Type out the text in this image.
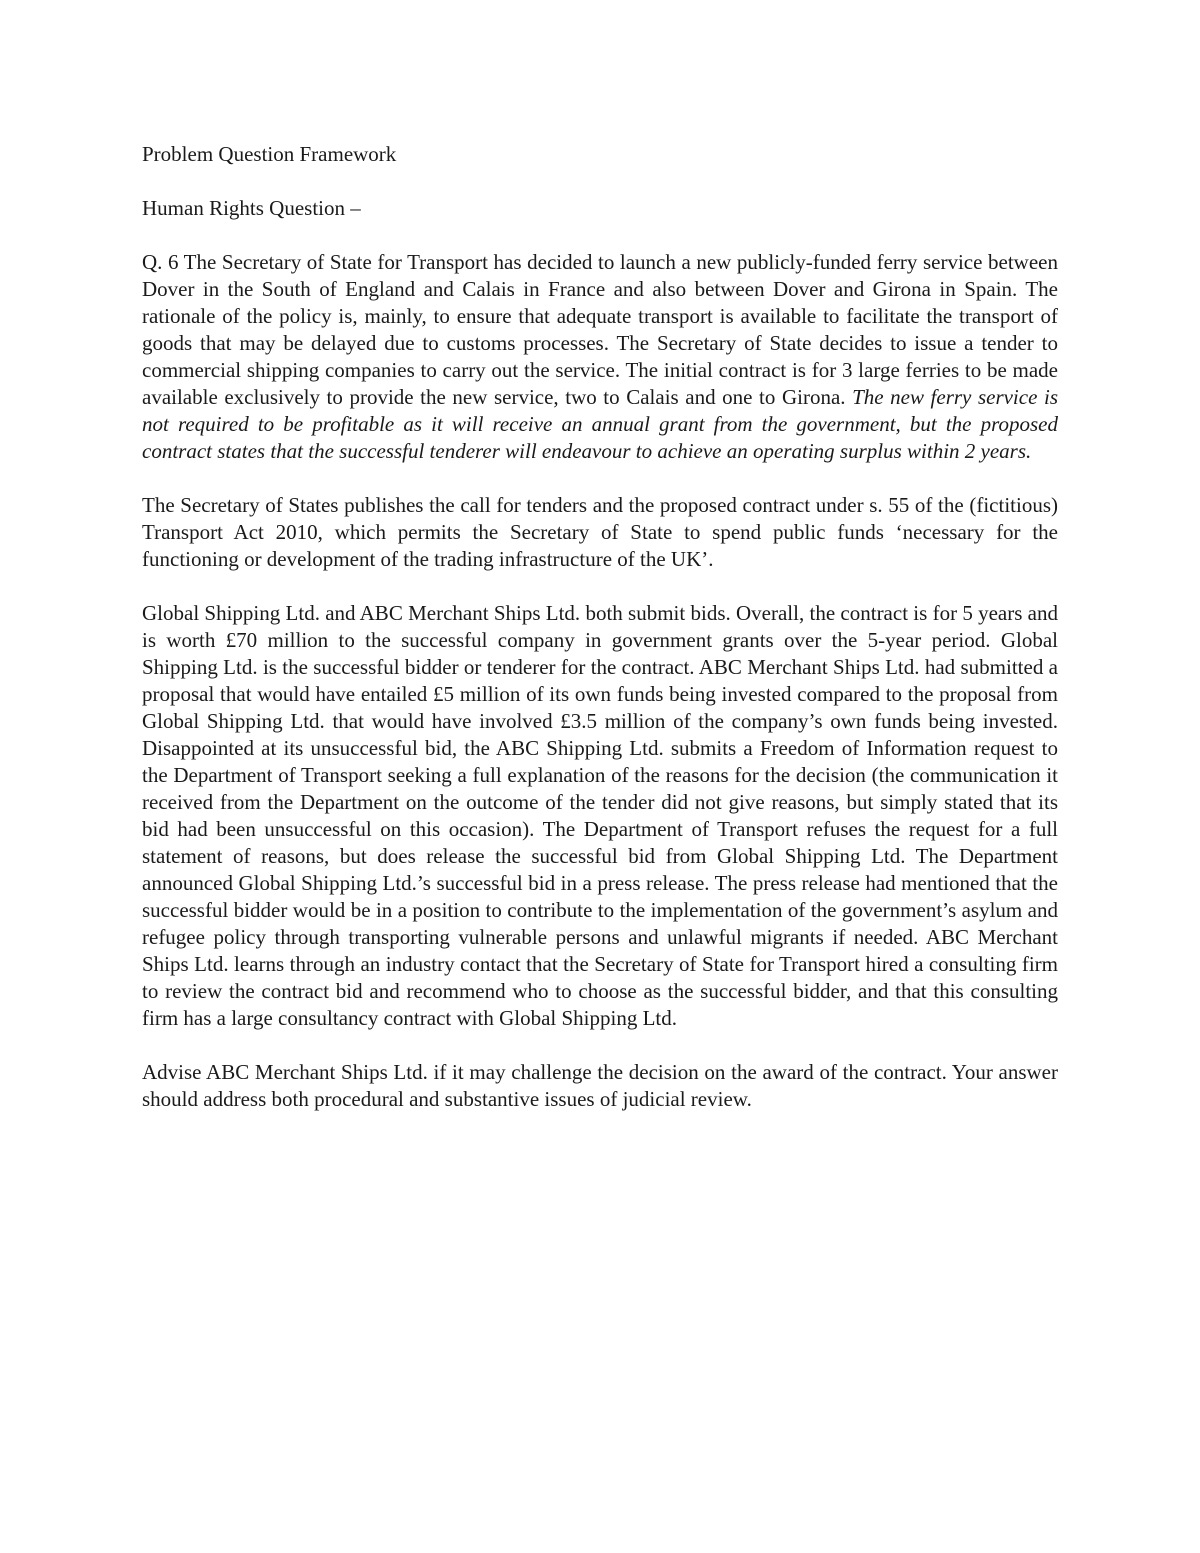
Problem Question Framework

Human Rights Question –

Q. 6 The Secretary of State for Transport has decided to launch a new publicly-funded ferry service between Dover in the South of England and Calais in France and also between Dover and Girona in Spain. The rationale of the policy is, mainly, to ensure that adequate transport is available to facilitate the transport of goods that may be delayed due to customs processes. The Secretary of State decides to issue a tender to commercial shipping companies to carry out the service. The initial contract is for 3 large ferries to be made available exclusively to provide the new service, two to Calais and one to Girona. The new ferry service is not required to be profitable as it will receive an annual grant from the government, but the proposed contract states that the successful tenderer will endeavour to achieve an operating surplus within 2 years.

The Secretary of States publishes the call for tenders and the proposed contract under s. 55 of the (fictitious) Transport Act 2010, which permits the Secretary of State to spend public funds ‘necessary for the functioning or development of the trading infrastructure of the UK’.

Global Shipping Ltd. and ABC Merchant Ships Ltd. both submit bids. Overall, the contract is for 5 years and is worth £70 million to the successful company in government grants over the 5-year period. Global Shipping Ltd. is the successful bidder or tenderer for the contract. ABC Merchant Ships Ltd. had submitted a proposal that would have entailed £5 million of its own funds being invested compared to the proposal from Global Shipping Ltd. that would have involved £3.5 million of the company’s own funds being invested. Disappointed at its unsuccessful bid, the ABC Shipping Ltd. submits a Freedom of Information request to the Department of Transport seeking a full explanation of the reasons for the decision (the communication it received from the Department on the outcome of the tender did not give reasons, but simply stated that its bid had been unsuccessful on this occasion). The Department of Transport refuses the request for a full statement of reasons, but does release the successful bid from Global Shipping Ltd. The Department announced Global Shipping Ltd.’s successful bid in a press release. The press release had mentioned that the successful bidder would be in a position to contribute to the implementation of the government’s asylum and refugee policy through transporting vulnerable persons and unlawful migrants if needed. ABC Merchant Ships Ltd. learns through an industry contact that the Secretary of State for Transport hired a consulting firm to review the contract bid and recommend who to choose as the successful bidder, and that this consulting firm has a large consultancy contract with Global Shipping Ltd.

Advise ABC Merchant Ships Ltd. if it may challenge the decision on the award of the contract. Your answer should address both procedural and substantive issues of judicial review.
